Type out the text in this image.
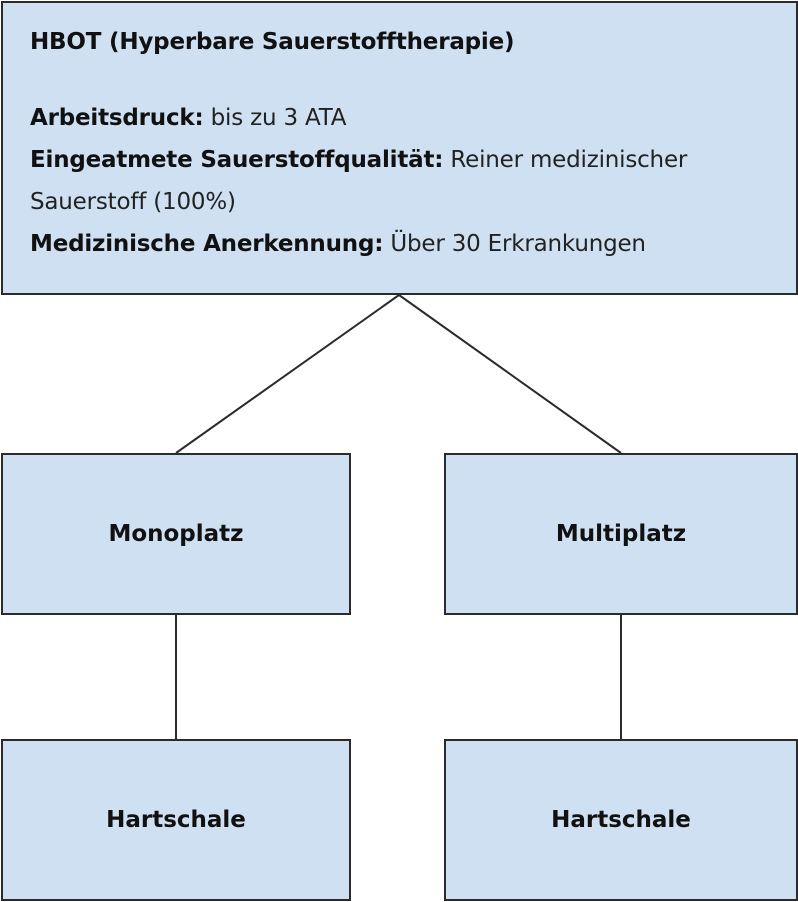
HBOT (Hyperbare Sauerstofftherapie)
Arbeitsdruck: bis zu 3 ATA
Eingeatmete Sauerstoffqualität: Reiner medizinischer Sauerstoff (100%)
Medizinische Anerkennung: Über 30 Erkrankungen
Monoplatz	Multiplatz
Hartschale	Hartschale
